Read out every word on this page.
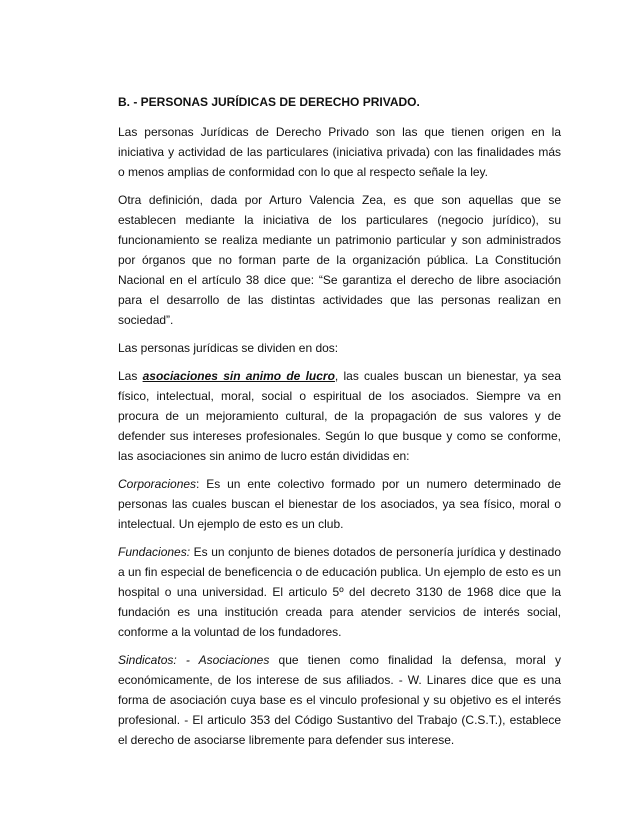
B. - PERSONAS JURÍDICAS DE DERECHO PRIVADO.

Las personas Jurídicas de Derecho Privado son las que tienen origen en la iniciativa y actividad de las particulares (iniciativa privada) con las finalidades más o menos amplias de conformidad con lo que al respecto señale la ley.

Otra definición, dada por Arturo Valencia Zea, es que son aquellas que se establecen mediante la iniciativa de los particulares (negocio jurídico), su funcionamiento se realiza mediante un patrimonio particular y son administrados por órganos que no forman parte de la organización pública. La Constitución Nacional en el artículo 38 dice que: “Se garantiza el derecho de libre asociación para el desarrollo de las distintas actividades que las personas realizan en sociedad”.

Las personas jurídicas se dividen en dos:

Las asociaciones sin animo de lucro, las cuales buscan un bienestar, ya sea físico, intelectual, moral, social o espiritual de los asociados. Siempre va en procura de un mejoramiento cultural, de la propagación de sus valores y de defender sus intereses profesionales. Según lo que busque y como se conforme, las asociaciones sin animo de lucro están divididas en:

Corporaciones: Es un ente colectivo formado por un numero determinado de personas las cuales buscan el bienestar de los asociados, ya sea físico, moral o intelectual. Un ejemplo de esto es un club.

Fundaciones: Es un conjunto de bienes dotados de personería jurídica y destinado a un fin especial de beneficencia o de educación publica. Un ejemplo de esto es un hospital o una universidad. El articulo 5º del decreto 3130 de 1968 dice que la fundación es una institución creada para atender servicios de interés social, conforme a la voluntad de los fundadores.

Sindicatos: - Asociaciones que tienen como finalidad la defensa, moral y económicamente, de los interese de sus afiliados. - W. Linares dice que es una forma de asociación cuya base es el vinculo profesional y su objetivo es el interés profesional. - El articulo 353 del Código Sustantivo del Trabajo (C.S.T.), establece el derecho de asociarse libremente para defender sus interese.
